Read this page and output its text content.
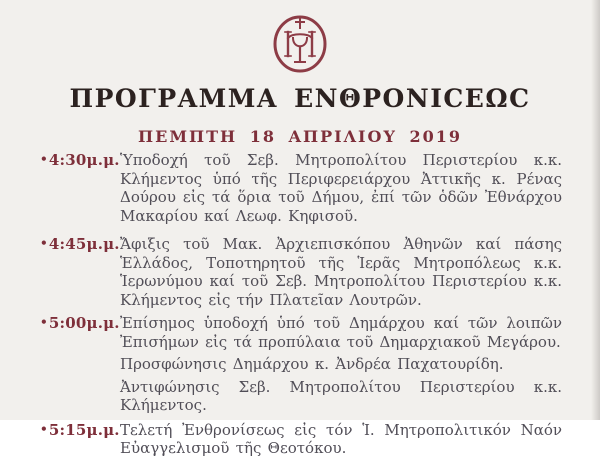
ΠΡΟΓΡΑΜΜΑ ΕΝΘΡΟΝΙCΕΩC
ΠΕΜΠΤΗ 18 ΑΠΡΙΛΙΟΥ 2019
•4:30μ.μ. Ὑποδοχή τοῦ Σεβ. Μητροπολίτου Περιστερίου κ.κ. Κλήμεντος ὑπό τῆς Περιφερειάρχου Ἀττικῆς κ. Ρένας Δούρου εἰς τά ὅρια τοῦ Δήμου, ἐπί τῶν ὁδῶν Ἐθνάρχου Μακαρίου καί Λεωφ. Κηφισοῦ.

•4:45μ.μ. Ἄφιξις τοῦ Μακ. Ἀρχιεπισκόπου Ἀθηνῶν καί πάσης Ἑλλάδος, Τοποτηρητοῦ τῆς Ἱερᾶς Μητροπόλεως κ.κ. Ἱερωνύμου καί τοῦ Σεβ. Μητροπολίτου Περιστερίου κ.κ. Κλήμεντος εἰς τήν Πλατεῖαν Λουτρῶν.

•5:00μ.μ. Ἐπίσημος ὑποδοχή ὑπό τοῦ Δημάρχου καί τῶν λοιπῶν Ἐπισήμων εἰς τά προπύλαια τοῦ Δημαρχιακοῦ Μεγάρου.

Προσφώνησις Δημάρχου κ. Ἀνδρέα Παχατουρίδη.

Ἀντιφώνησις Σεβ. Μητροπολίτου Περιστερίου κ.κ. Κλήμεντος.

•5:15μ.μ. Τελετή Ἐνθρονίσεως εἰς τόν Ἱ. Μητροπολιτικόν Ναόν Εὐαγγελισμοῦ τῆς Θεοτόκου.
